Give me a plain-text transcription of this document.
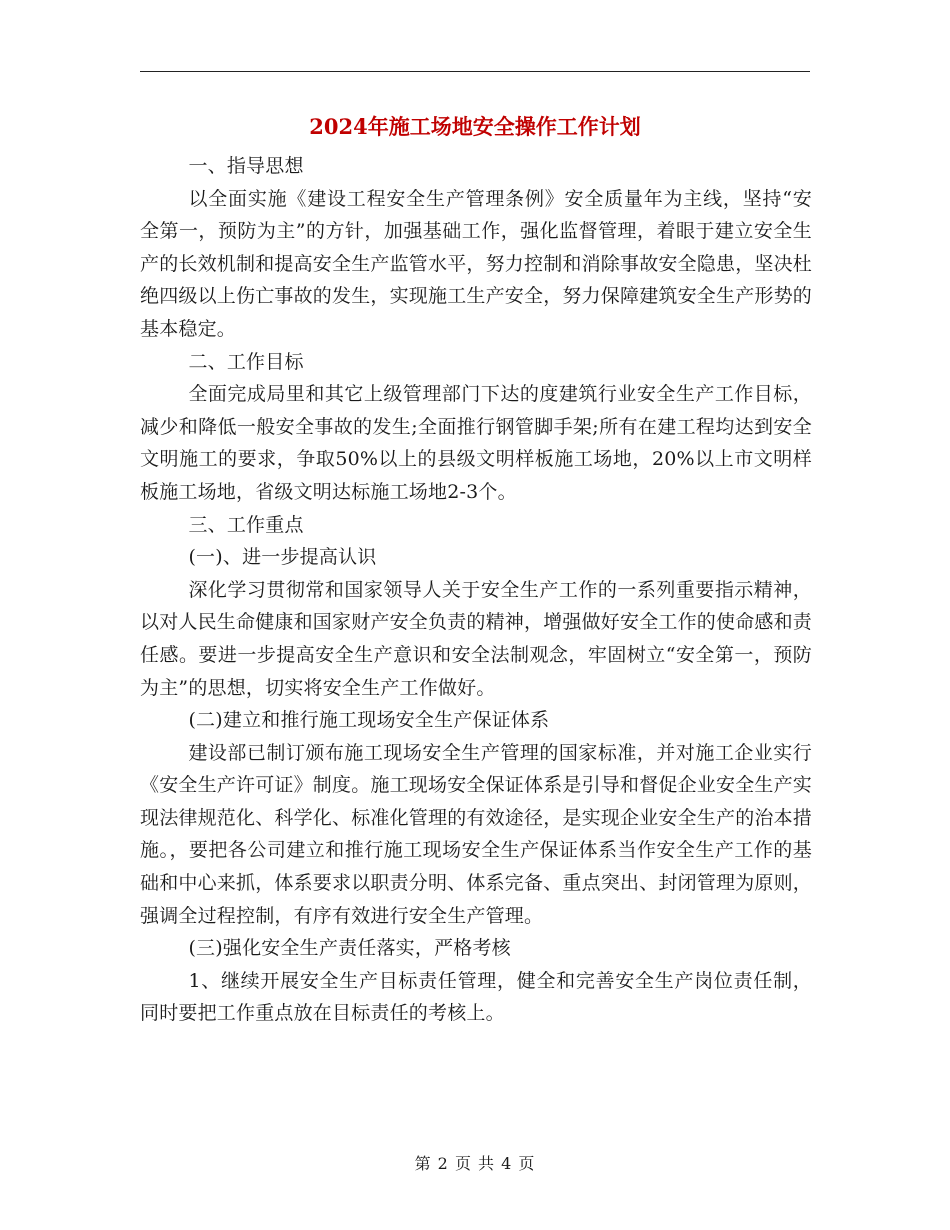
2024年施工场地安全操作工作计划

一、指导思想

以全面实施《建设工程安全生产管理条例》安全质量年为主线，坚持“安全第一，预防为主”的方针，加强基础工作，强化监督管理，着眼于建立安全生产的长效机制和提高安全生产监管水平，努力控制和消除事故安全隐患，坚决杜绝四级以上伤亡事故的发生，实现施工生产安全，努力保障建筑安全生产形势的基本稳定。

二、工作目标

全面完成局里和其它上级管理部门下达的度建筑行业安全生产工作目标，减少和降低一般安全事故的发生;全面推行钢管脚手架;所有在建工程均达到安全文明施工的要求，争取50%以上的县级文明样板施工场地，20%以上市文明样板施工场地，省级文明达标施工场地2-3个。

三、工作重点

(一)、进一步提高认识

深化学习贯彻常和国家领导人关于安全生产工作的一系列重要指示精神，以对人民生命健康和国家财产安全负责的精神，增强做好安全工作的使命感和责任感。要进一步提高安全生产意识和安全法制观念，牢固树立“安全第一，预防为主”的思想，切实将安全生产工作做好。

(二)建立和推行施工现场安全生产保证体系

建设部已制订颁布施工现场安全生产管理的国家标准，并对施工企业实行《安全生产许可证》制度。施工现场安全保证体系是引导和督促企业安全生产实现法律规范化、科学化、标准化管理的有效途径，是实现企业安全生产的治本措施。，要把各公司建立和推行施工现场安全生产保证体系当作安全生产工作的基础和中心来抓，体系要求以职责分明、体系完备、重点突出、封闭管理为原则，强调全过程控制，有序有效进行安全生产管理。

(三)强化安全生产责任落实，严格考核

1、继续开展安全生产目标责任管理，健全和完善安全生产岗位责任制，同时要把工作重点放在目标责任的考核上。

第 2 页 共 4 页
